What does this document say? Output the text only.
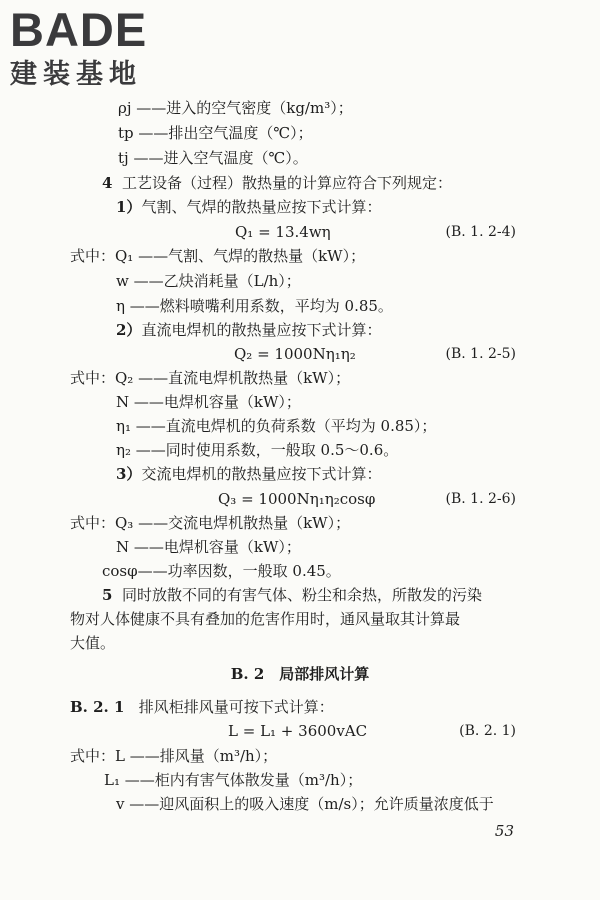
BADE
建装基地
ρj ——进入的空气密度（kg/m³）；
tp ——排出空气温度（℃）；
tj ——进入空气温度（℃）。
4 工艺设备（过程）散热量的计算应符合下列规定：
1）气割、气焊的散热量应按下式计算：
Q₁ = 13.4wη	(B. 1. 2-4)
式中：Q₁ ——气割、气焊的散热量（kW）；
w ——乙炔消耗量（L/h）；
η ——燃料喷嘴利用系数，平均为 0.85。
2）直流电焊机的散热量应按下式计算：
Q₂ = 1000Nη₁η₂	(B. 1. 2-5)
式中：Q₂ ——直流电焊机散热量（kW）；
N ——电焊机容量（kW）；
η₁ ——直流电焊机的负荷系数（平均为 0.85）；
η₂ ——同时使用系数，一般取 0.5～0.6。
3）交流电焊机的散热量应按下式计算：
Q₃ = 1000Nη₁η₂cosφ	(B. 1. 2-6)
式中：Q₃ ——交流电焊机散热量（kW）；
N ——电焊机容量（kW）；
cosφ——功率因数，一般取 0.45。
5 同时放散不同的有害气体、粉尘和余热，所散发的污染
物对人体健康不具有叠加的危害作用时，通风量取其计算最
大值。
B. 2　局部排风计算
B. 2. 1 排风柜排风量可按下式计算：
L = L₁ + 3600vAC	(B. 2. 1)
式中：L ——排风量（m³/h）；
L₁ ——柜内有害气体散发量（m³/h）；
v ——迎风面积上的吸入速度（m/s）；允许质量浓度低于
53
